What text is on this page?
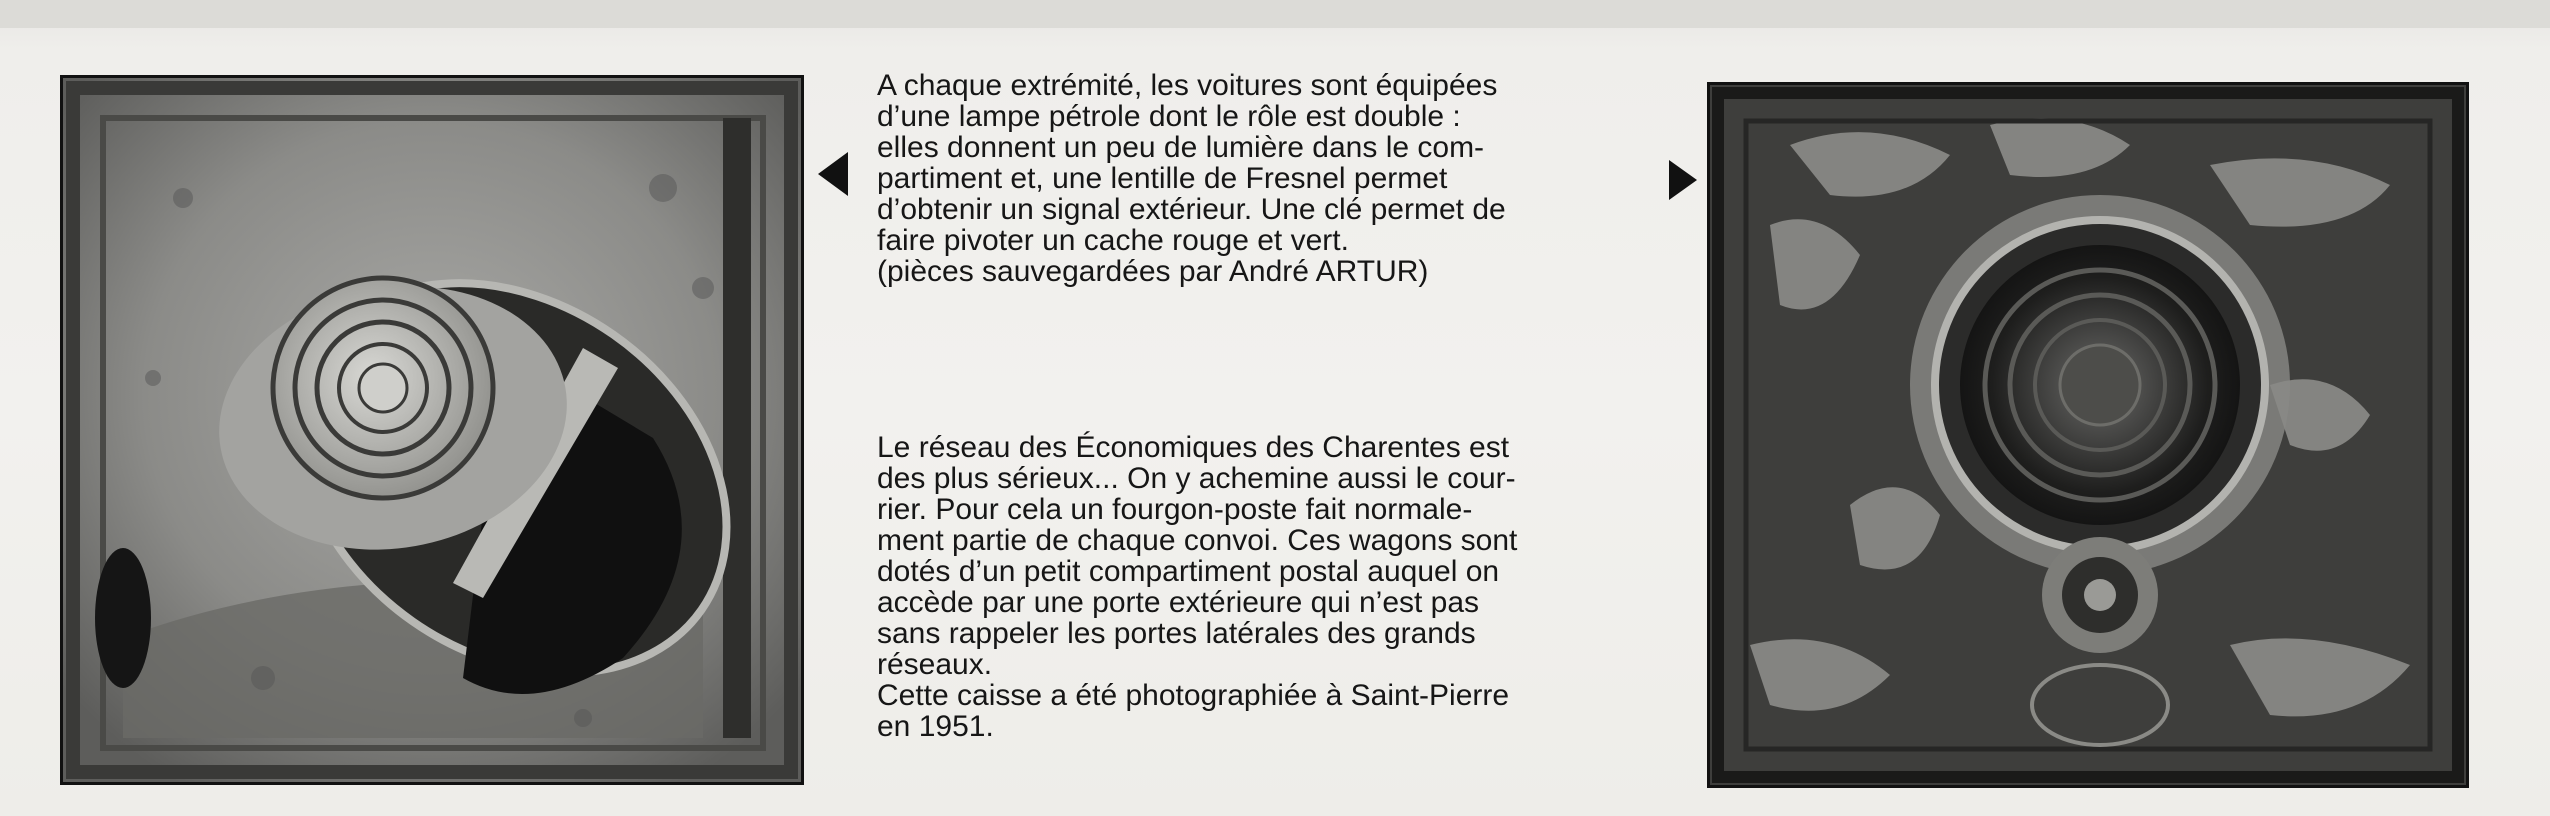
A chaque extrémité, les voitures sont équipées

d’une lampe pétrole dont le rôle est double :

elles donnent un peu de lumière dans le com-

partiment et, une lentille de Fresnel permet

d’obtenir un signal extérieur. Une clé permet de

faire pivoter un cache rouge et vert.

(pièces sauvegardées par André ARTUR)

Le réseau des Économiques des Charentes est

des plus sérieux... On y achemine aussi le cour-

rier. Pour cela un fourgon-poste fait normale-

ment partie de chaque convoi. Ces wagons sont

dotés d’un petit compartiment postal auquel on

accède par une porte extérieure qui n’est pas

sans rappeler les portes latérales des grands

réseaux.

Cette caisse a été photographiée à Saint-Pierre

en 1951.
